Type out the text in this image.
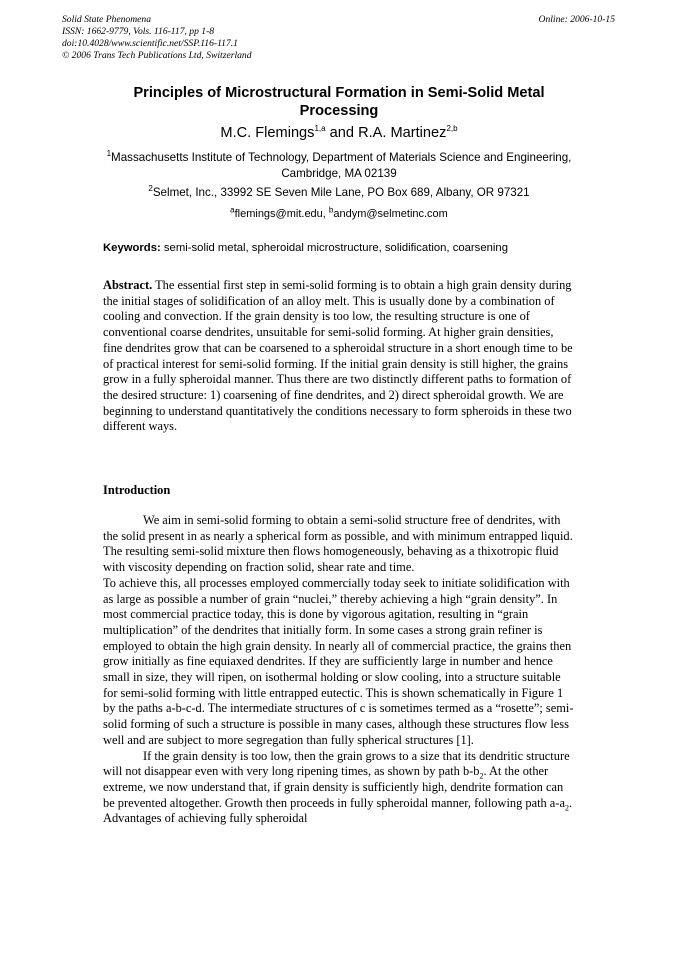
Solid State Phenomena
ISSN: 1662-9779, Vols. 116-117, pp 1-8
doi:10.4028/www.scientific.net/SSP.116-117.1
© 2006 Trans Tech Publications Ltd, Switzerland
Online: 2006-10-15
Principles of Microstructural Formation in Semi-Solid Metal Processing
M.C. Flemings$^{1,a}$ and R.A. Martinez$^{2,b}$
$^1$Massachusetts Institute of Technology, Department of Materials Science and Engineering, Cambridge, MA 02139
$^2$Selmet, Inc., 33992 SE Seven Mile Lane, PO Box 689, Albany, OR 97321
$^a$flemings@mit.edu, $^b$andym@selmetinc.com
Keywords: semi-solid metal, spheroidal microstructure, solidification, coarsening
Abstract. The essential first step in semi-solid forming is to obtain a high grain density during the initial stages of solidification of an alloy melt. This is usually done by a combination of cooling and convection. If the grain density is too low, the resulting structure is one of conventional coarse dendrites, unsuitable for semi-solid forming. At higher grain densities, fine dendrites grow that can be coarsened to a spheroidal structure in a short enough time to be of practical interest for semi-solid forming. If the initial grain density is still higher, the grains grow in a fully spheroidal manner. Thus there are two distinctly different paths to formation of the desired structure: 1) coarsening of fine dendrites, and 2) direct spheroidal growth. We are beginning to understand quantitatively the conditions necessary to form spheroids in these two different ways.
Introduction

We aim in semi-solid forming to obtain a semi-solid structure free of dendrites, with the solid present in as nearly a spherical form as possible, and with minimum entrapped liquid. The resulting semi-solid mixture then flows homogeneously, behaving as a thixotropic fluid with viscosity depending on fraction solid, shear rate and time.

To achieve this, all processes employed commercially today seek to initiate solidification with as large as possible a number of grain “nuclei,” thereby achieving a high “grain density”. In most commercial practice today, this is done by vigorous agitation, resulting in “grain multiplication” of the dendrites that initially form. In some cases a strong grain refiner is employed to obtain the high grain density. In nearly all of commercial practice, the grains then grow initially as fine equiaxed dendrites. If they are sufficiently large in number and hence small in size, they will ripen, on isothermal holding or slow cooling, into a structure suitable for semi-solid forming with little entrapped eutectic. This is shown schematically in Figure 1 by the paths a-b-c-d. The intermediate structures of c is sometimes termed as a “rosette”; semi-solid forming of such a structure is possible in many cases, although these structures flow less well and are subject to more segregation than fully spherical structures [1].

If the grain density is too low, then the grain grows to a size that its dendritic structure will not disappear even with very long ripening times, as shown by path $b-b_2$. At the other extreme, we now understand that, if grain density is sufficiently high, dendrite formation can be prevented altogether. Growth then proceeds in fully spheroidal manner, following path $a-a_2$. Advantages of achieving fully spheroidal
